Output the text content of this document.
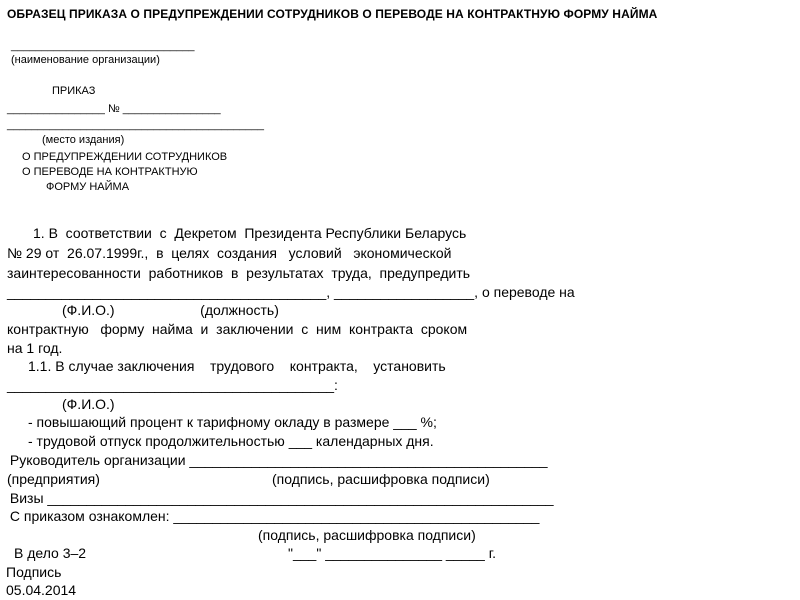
ОБРАЗЕЦ ПРИКАЗА О ПРЕДУПРЕЖДЕНИИ СОТРУДНИКОВ О ПЕРЕВОДЕ НА КОНТРАКТНУЮ ФОРМУ НАЙМА
______________________________
(наименование организации)
ПРИКАЗ
________________ № ________________
__________________________________________
(место издания)
О ПРЕДУПРЕЖДЕНИИ СОТРУДНИКОВ
О ПЕРЕВОДЕ НА КОНТРАКТНУЮ
ФОРМУ НАЙМА
1. В  соответствии  с  Декретом  Президента Республики Беларусь
№ 29 от  26.07.1999г.,  в  целях  создания   условий   экономической
заинтересованности  работников  в  результатах  труда,  предупредить
_________________________________________, __________________, о переводе на
(Ф.И.О.)                      (должность)
контрактную   форму  найма  и  заключении  с  ним  контракта  сроком
на 1 год.
1.1. В случае заключения    трудового    контракта,    установить
__________________________________________:
(Ф.И.О.)
- повышающий процент к тарифному окладу в размере ___ %;
- трудовой отпуск продолжительностью ___ календарных дня.
Руководитель организации ______________________________________________
(предприятия)	(подпись, расшифровка подписи)
Визы _________________________________________________________________
С приказом ознакомлен: _______________________________________________
(подпись, расшифровка подписи)
В дело 3–2	"___" _______________ _____ г.
Подпись
05.04.2014
